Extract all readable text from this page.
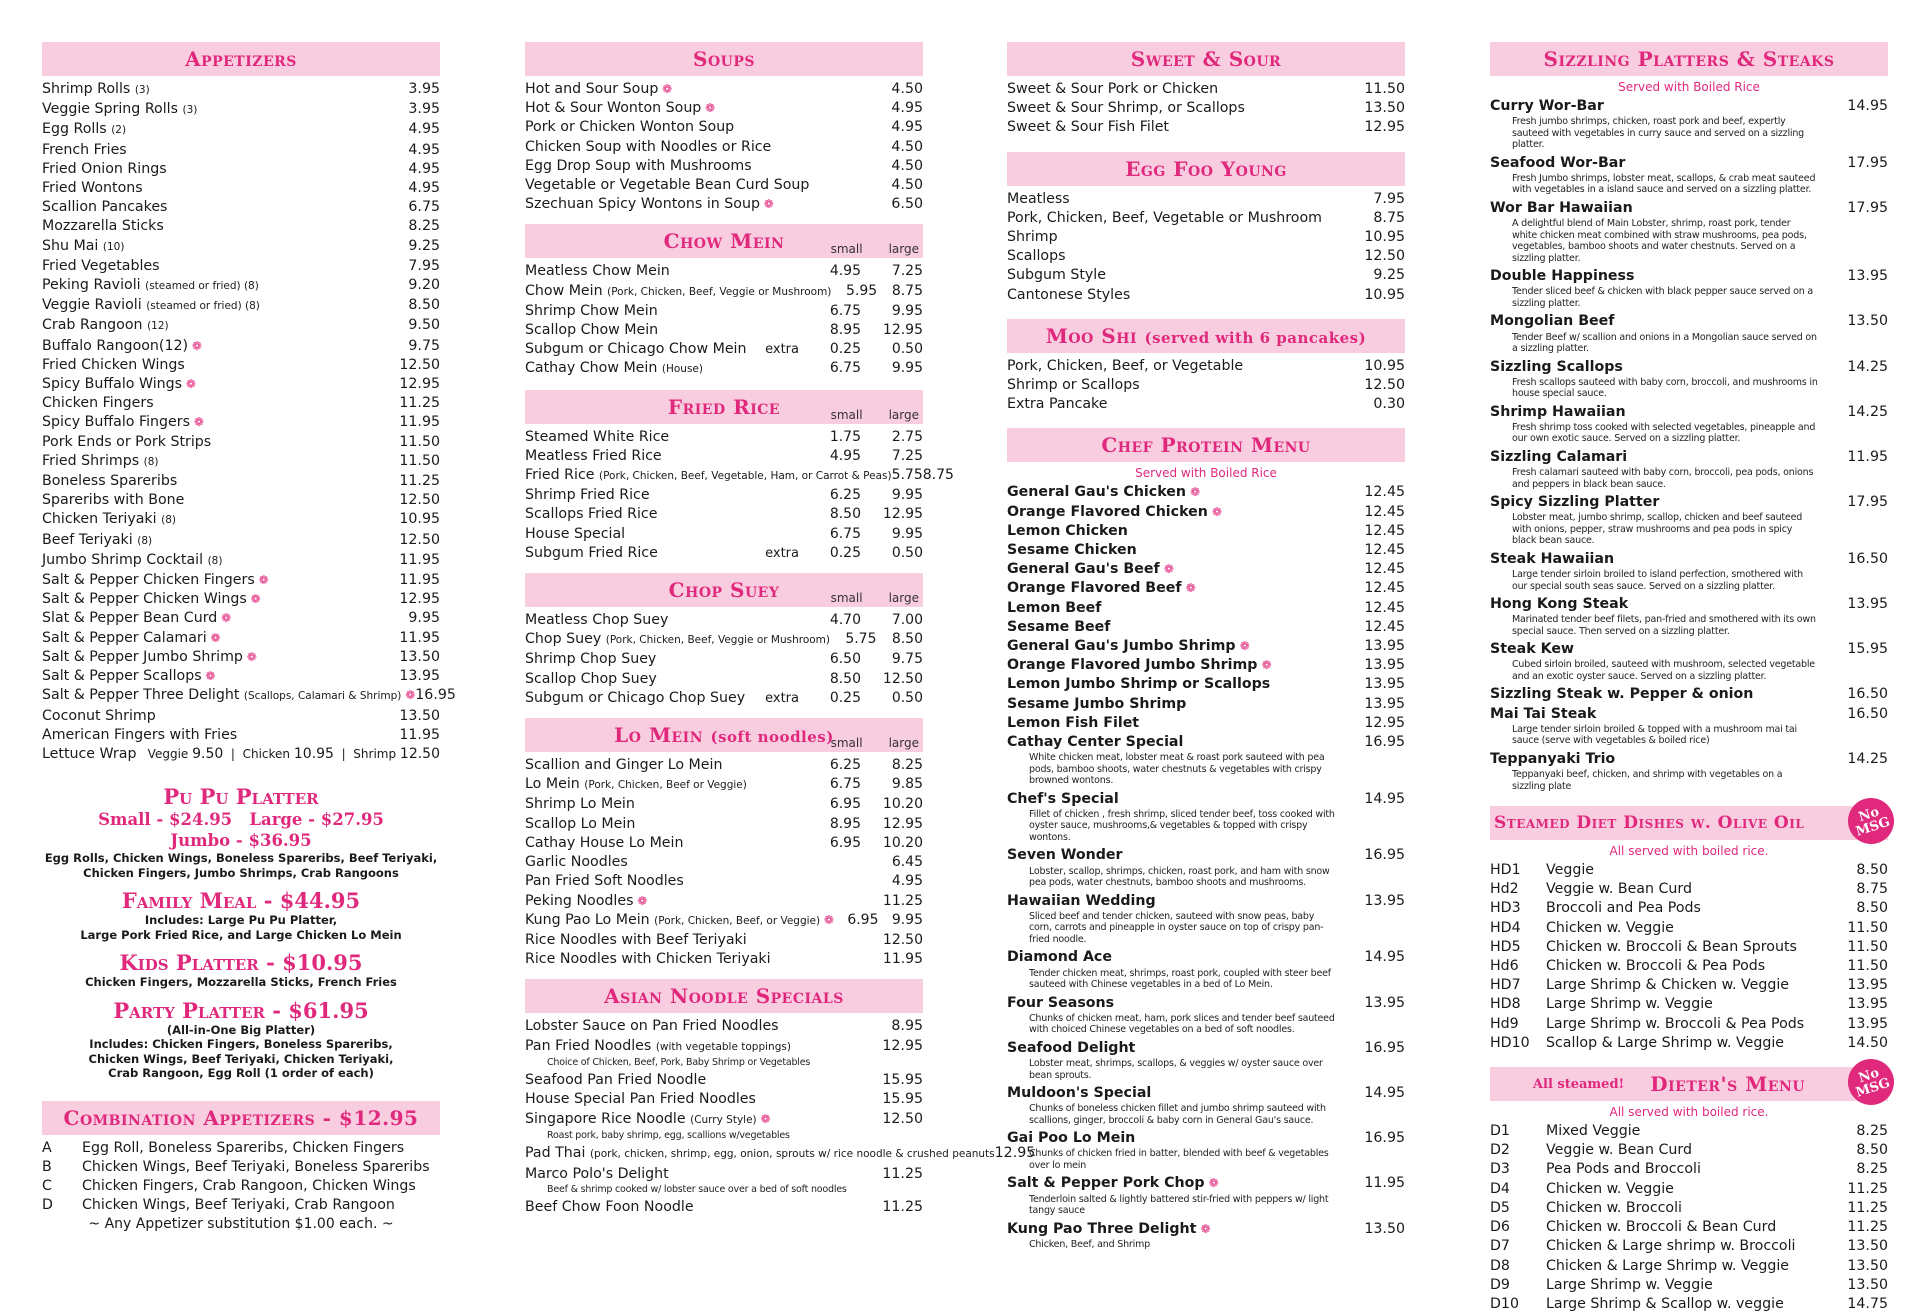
Appetizers
Shrimp Rolls (3)	3.95
Veggie Spring Rolls (3)	3.95
Egg Rolls (2)	4.95
French Fries	4.95
Fried Onion Rings	4.95
Fried Wontons	4.95
Scallion Pancakes	6.75
Mozzarella Sticks	8.25
Shu Mai (10)	9.25
Fried Vegetables	7.95
Peking Ravioli (steamed or fried) (8)	9.20
Veggie Ravioli (steamed or fried) (8)	8.50
Crab Rangoon (12)	9.50
Buffalo Rangoon(12) ❁	9.75
Fried Chicken Wings	12.50
Spicy Buffalo Wings ❁	12.95
Chicken Fingers	11.25
Spicy Buffalo Fingers ❁	11.95
Pork Ends or Pork Strips	11.50
Fried Shrimps (8)	11.50
Boneless Spareribs	11.25
Spareribs with Bone	12.50
Chicken Teriyaki (8)	10.95
Beef Teriyaki (8)	12.50
Jumbo Shrimp Cocktail (8)	11.95
Salt & Pepper Chicken Fingers ❁	11.95
Salt & Pepper Chicken Wings ❁	12.95
Slat & Pepper Bean Curd ❁	9.95
Salt & Pepper Calamari ❁	11.95
Salt & Pepper Jumbo Shrimp ❁	13.50
Salt & Pepper Scallops ❁	13.95
Salt & Pepper Three Delight (Scallops, Calamari & Shrimp) ❁ 16.95
Coconut Shrimp	13.50
American Fingers with Fries	11.95
Lettuce Wrap Veggie 9.50  |  Chicken 10.95  |  Shrimp 12.50
Pu Pu Platter
Small - $24.95   Large - $27.95
Jumbo - $36.95
Egg Rolls, Chicken Wings, Boneless Spareribs, Beef Teriyaki,
Chicken Fingers, Jumbo Shrimps, Crab Rangoons
Family Meal - $44.95
Includes: Large Pu Pu Platter,
Large Pork Fried Rice, and Large Chicken Lo Mein
Kids Platter - $10.95
Chicken Fingers, Mozzarella Sticks, French Fries
Party Platter - $61.95
(All-in-One Big Platter)
Includes: Chicken Fingers, Boneless Spareribs,
Chicken Wings, Beef Teriyaki, Chicken Teriyaki,
Crab Rangoon, Egg Roll (1 order of each)
Combination Appetizers - $12.95
A	Egg Roll, Boneless Spareribs, Chicken Fingers
B	Chicken Wings, Beef Teriyaki, Boneless Spareribs
C	Chicken Fingers, Crab Rangoon, Chicken Wings
D	Chicken Wings, Beef Teriyaki, Crab Rangoon
~ Any Appetizer substitution $1.00 each. ~
Soups
Hot and Sour Soup ❁	4.50
Hot & Sour Wonton Soup ❁	4.95
Pork or Chicken Wonton Soup	4.95
Chicken Soup with Noodles or Rice	4.50
Egg Drop Soup with Mushrooms	4.50
Vegetable or Vegetable Bean Curd Soup	4.50
Szechuan Spicy Wontons in Soup ❁	6.50
Chow Mein	small large
Meatless Chow Mein	4.95	7.25
Chow Mein (Pork, Chicken, Beef, Veggie or Mushroom)	5.95	8.75
Shrimp Chow Mein	6.75	9.95
Scallop Chow Mein	8.95	12.95
Subgum or Chicago Chow Mein	extra	0.25	0.50
Cathay Chow Mein (House)	6.75	9.95
Fried Rice	small large
Steamed White Rice	1.75	2.75
Meatless Fried Rice	4.95	7.25
Fried Rice (Pork, Chicken, Beef, Vegetable, Ham, or Carrot & Peas) 5.75 8.75
Shrimp Fried Rice	6.25	9.95
Scallops Fried Rice	8.50	12.95
House Special	6.75	9.95
Subgum Fried Rice	extra	0.25	0.50
Chop Suey	small large
Meatless Chop Suey	4.70	7.00
Chop Suey (Pork, Chicken, Beef, Veggie or Mushroom)	5.75	8.50
Shrimp Chop Suey	6.50	9.75
Scallop Chop Suey	8.50	12.50
Subgum or Chicago Chop Suey	extra	0.25	0.50
Lo Mein (soft noodles)
small large
Scallion and Ginger Lo Mein	6.25	8.25
Lo Mein (Pork, Chicken, Beef or Veggie)	6.75	9.85
Shrimp Lo Mein	6.95	10.20
Scallop Lo Mein	8.95	12.95
Cathay House Lo Mein	6.95	10.20
Garlic Noodles	6.45
Pan Fried Soft Noodles	4.95
Peking Noodles ❁	11.25
Kung Pao Lo Mein (Pork, Chicken, Beef, or Veggie) ❁ 6.95 9.95
Rice Noodles with Beef Teriyaki	12.50
Rice Noodles with Chicken Teriyaki	11.95
Asian Noodle Specials
Lobster Sauce on Pan Fried Noodles	8.95
Pan Fried Noodles (with vegetable toppings)	12.95
Choice of Chicken, Beef, Pork, Baby Shrimp or Vegetables
Seafood Pan Fried Noodle	15.95
House Special Pan Fried Noodles	15.95
Singapore Rice Noodle (Curry Style) ❁	12.50
Roast pork, baby shrimp, egg, scallions w/vegetables
Pad Thai (pork, chicken, shrimp, egg, onion, sprouts w/ rice noodle & crushed peanuts 12.95
Marco Polo's Delight	11.25
Beef & shrimp cooked w/ lobster sauce over a bed of soft noodles
Beef Chow Foon Noodle	11.25
Sweet & Sour
Sweet & Sour Pork or Chicken	11.50
Sweet & Sour Shrimp, or Scallops	13.50
Sweet & Sour Fish Filet	12.95
Egg Foo Young
Meatless	7.95
Pork, Chicken, Beef, Vegetable or Mushroom	8.75
Shrimp	10.95
Scallops	12.50
Subgum Style	9.25
Cantonese Styles	10.95
Moo Shi (served with 6 pancakes)
Pork, Chicken, Beef, or Vegetable	10.95
Shrimp or Scallops	12.50
Extra Pancake	0.30
Chef Protein Menu
Served with Boiled Rice
General Gau's Chicken ❁	12.45
Orange Flavored Chicken ❁	12.45
Lemon Chicken	12.45
Sesame Chicken	12.45
General Gau's Beef ❁	12.45
Orange Flavored Beef ❁	12.45
Lemon Beef	12.45
Sesame Beef	12.45
General Gau's Jumbo Shrimp ❁	13.95
Orange Flavored Jumbo Shrimp ❁	13.95
Lemon Jumbo Shrimp or Scallops	13.95
Sesame Jumbo Shrimp	13.95
Lemon Fish Filet	12.95
Cathay Center Special	16.95
White chicken meat, lobster meat & roast pork sauteed with pea pods, bamboo shoots, water chestnuts & vegetables with crispy browned wontons.
Chef's Special	14.95
Fillet of chicken , fresh shrimp, sliced tender beef, toss cooked with oyster sauce, mushrooms,& vegetables & topped with crispy wontons.
Seven Wonder	16.95
Lobster, scallop, shrimps, chicken, roast pork, and ham with snow pea pods, water chestnuts, bamboo shoots and mushrooms.
Hawaiian Wedding	13.95
Sliced beef and tender chicken, sauteed with snow peas, baby corn, carrots and pineapple in oyster sauce on top of crispy pan-fried noodle.
Diamond Ace	14.95
Tender chicken meat, shrimps, roast pork, coupled with steer beef sauteed with Chinese vegetables in a bed of Lo Mein.
Four Seasons	13.95
Chunks of chicken meat, ham, pork slices and tender beef sauteed with choiced Chinese vegetables on a bed of soft noodles.
Seafood Delight	16.95
Lobster meat, shrimps, scallops, & veggies w/ oyster sauce over bean sprouts.
Muldoon's Special	14.95
Chunks of boneless chicken fillet and jumbo shrimp sauteed with scallions, ginger, broccoli & baby corn in General Gau's sauce.
Gai Poo Lo Mein	16.95
Chunks of chicken fried in batter, blended with beef & vegetables over lo mein
Salt & Pepper Pork Chop ❁	11.95
Tenderloin salted & lightly battered stir-fried with peppers w/ light tangy sauce
Kung Pao Three Delight ❁	13.50
Chicken, Beef, and Shrimp
Sizzling Platters & Steaks
Served with Boiled Rice
Curry Wor-Bar	14.95
Fresh jumbo shrimps, chicken, roast pork and beef, expertly sauteed with vegetables in curry sauce and served on a sizzling platter.
Seafood Wor-Bar	17.95
Fresh Jumbo shrimps, lobster meat, scallops, & crab meat sauteed with vegetables in a island sauce and served on a sizzling platter.
Wor Bar Hawaiian	17.95
A delightful blend of Main Lobster, shrimp, roast pork, tender white chicken meat combined with straw mushrooms, pea pods, vegetables, bamboo shoots and water chestnuts. Served on a sizzling platter.
Double Happiness	13.95
Tender sliced beef & chicken with black pepper sauce served on a sizzling platter.
Mongolian Beef	13.50
Tender Beef w/ scallion and onions in a Mongolian sauce served on a sizzling platter.
Sizzling Scallops	14.25
Fresh scallops sauteed with baby corn, broccoli, and mushrooms in house special sauce.
Shrimp Hawaiian	14.25
Fresh shrimp toss cooked with selected vegetables, pineapple and our own exotic sauce. Served on a sizzling platter.
Sizzling Calamari	11.95
Fresh calamari sauteed with baby corn, broccoli, pea pods, onions and peppers in black bean sauce.
Spicy Sizzling Platter	17.95
Lobster meat, jumbo shrimp, scallop, chicken and beef sauteed with onions, pepper, straw mushrooms and pea pods in spicy black bean sauce.
Steak Hawaiian	16.50
Large tender sirloin broiled to island perfection, smothered with our special south seas sauce. Served on a sizzling platter.
Hong Kong Steak	13.95
Marinated tender beef filets, pan-fried and smothered with its own special sauce. Then served on a sizzling platter.
Steak Kew	15.95
Cubed sirloin broiled, sauteed with mushroom, selected vegetable and an exotic oyster sauce. Served on a sizzling platter.
Sizzling Steak w. Pepper & onion	16.50
Mai Tai Steak	16.50
Large tender sirloin broiled & topped with a mushroom mai tai sauce (serve with vegetables & boiled rice)
Teppanyaki Trio	14.25
Teppanyaki beef, chicken, and shrimp with vegetables on a sizzling plate
Steamed Diet Dishes w. Olive Oil	No MSG
All served with boiled rice.
HD1	Veggie	8.50
Hd2	Veggie w. Bean Curd	8.75
HD3	Broccoli and Pea Pods	8.50
HD4	Chicken w. Veggie	11.50
HD5	Chicken w. Broccoli & Bean Sprouts	11.50
Hd6	Chicken w. Broccoli & Pea Pods	11.50
HD7	Large Shrimp & Chicken w. Veggie	13.95
HD8	Large Shrimp w. Veggie	13.95
Hd9	Large Shrimp w. Broccoli & Pea Pods	13.95
HD10	Scallop & Large Shrimp w. Veggie	14.50
All steamed! Dieter's Menu	No MSG
All served with boiled rice.
D1	Mixed Veggie	8.25
D2	Veggie w. Bean Curd	8.50
D3	Pea Pods and Broccoli	8.25
D4	Chicken w. Veggie	11.25
D5	Chicken w. Broccoli	11.25
D6	Chicken w. Broccoli & Bean Curd	11.25
D7	Chicken & Large shrimp w. Broccoli	13.50
D8	Chicken & Large Shrimp w. Veggie	13.50
D9	Large Shrimp w. Veggie	13.50
D10	Large Shrimp & Scallop w. veggie	14.75
